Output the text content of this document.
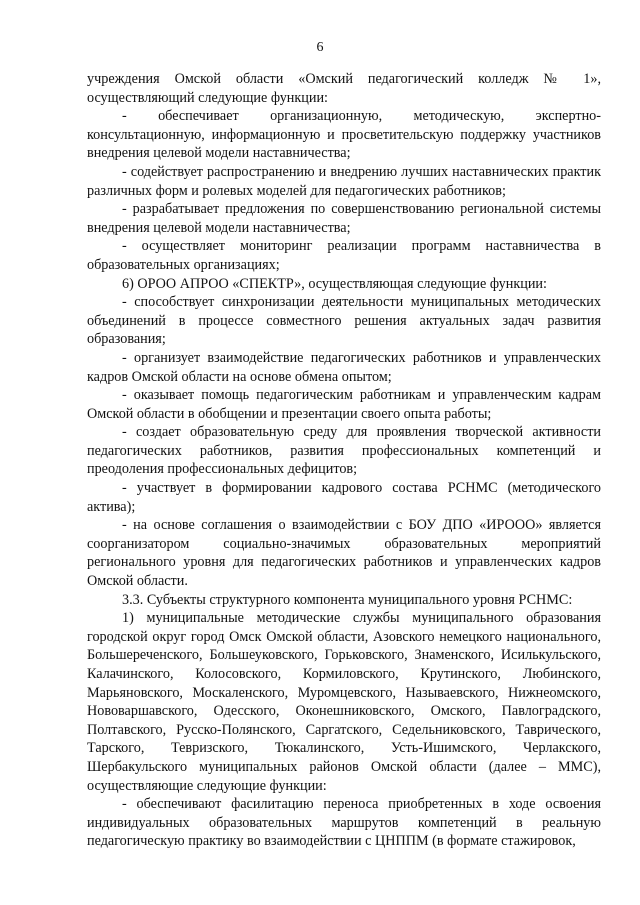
6

учреждения Омской области «Омский педагогический колледж № 1», осуществляющий следующие функции:

- обеспечивает организационную, методическую, экспертно-консультационную, информационную и просветительскую поддержку участников внедрения целевой модели наставничества;

- содействует распространению и внедрению лучших наставнических практик различных форм и ролевых моделей для педагогических работников;

- разрабатывает предложения по совершенствованию региональной системы внедрения целевой модели наставничества;

- осуществляет мониторинг реализации программ наставничества в образовательных организациях;

6) ОРОО АПРОО «СПЕКТР», осуществляющая следующие функции:

- способствует синхронизации деятельности муниципальных методических объединений в процессе совместного решения актуальных задач развития образования;

- организует взаимодействие педагогических работников и управленческих кадров Омской области на основе обмена опытом;

- оказывает помощь педагогическим работникам и управленческим кадрам Омской области в обобщении и презентации своего опыта работы;

- создает образовательную среду для проявления творческой активности педагогических работников, развития профессиональных компетенций и преодоления профессиональных дефицитов;

- участвует в формировании кадрового состава РСНМС (методического актива);

- на основе соглашения о взаимодействии с БОУ ДПО «ИРООО» является соорганизатором социально-значимых образовательных мероприятий регионального уровня для педагогических работников и управленческих кадров Омской области.

3.3. Субъекты структурного компонента муниципального уровня РСНМС:

1) муниципальные методические службы муниципального образования городской округ город Омск Омской области, Азовского немецкого национального, Большереченского, Большеуковского, Горьковского, Знаменского, Исилькульского, Калачинского, Колосовского, Кормиловского, Крутинского, Любинского, Марьяновского, Москаленского, Муромцевского, Называевского, Нижнеомского, Нововаршавского, Одесского, Оконешниковского, Омского, Павлоградского, Полтавского, Русско-Полянского, Саргатского, Седельниковского, Таврического, Тарского, Тевризского, Тюкалинского, Усть-Ишимского, Черлакского, Шербакульского муниципальных районов Омской области (далее – ММС), осуществляющие следующие функции:

- обеспечивают фасилитацию переноса приобретенных в ходе освоения индивидуальных образовательных маршрутов компетенций в реальную педагогическую практику во взаимодействии с ЦНППМ (в формате стажировок,
